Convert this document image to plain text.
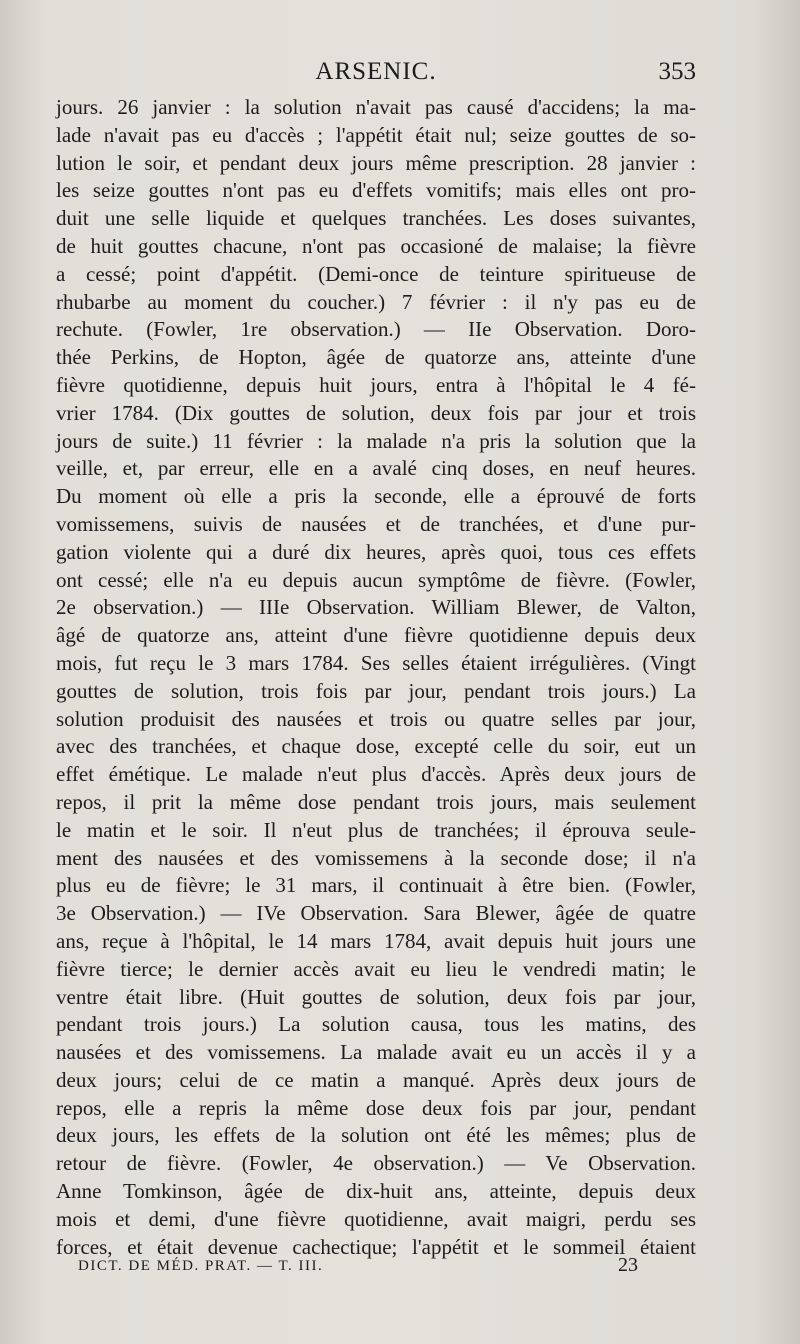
ARSENIC.	353
jours. 26 janvier : la solution n'avait pas causé d'accidens; la ma-
lade n'avait pas eu d'accès ; l'appétit était nul; seize gouttes de so-
lution le soir, et pendant deux jours même prescription. 28 janvier :
les seize gouttes n'ont pas eu d'effets vomitifs; mais elles ont pro-
duit une selle liquide et quelques tranchées. Les doses suivantes,
de huit gouttes chacune, n'ont pas occasioné de malaise; la fièvre
a cessé; point d'appétit. (Demi-once de teinture spiritueuse de
rhubarbe au moment du coucher.) 7 février : il n'y pas eu de
rechute. (Fowler, 1re observation.) — IIe Observation. Doro-
thée Perkins, de Hopton, âgée de quatorze ans, atteinte d'une
fièvre quotidienne, depuis huit jours, entra à l'hôpital le 4 fé-
vrier 1784. (Dix gouttes de solution, deux fois par jour et trois
jours de suite.) 11 février : la malade n'a pris la solution que la
veille, et, par erreur, elle en a avalé cinq doses, en neuf heures.
Du moment où elle a pris la seconde, elle a éprouvé de forts
vomissemens, suivis de nausées et de tranchées, et d'une pur-
gation violente qui a duré dix heures, après quoi, tous ces effets
ont cessé; elle n'a eu depuis aucun symptôme de fièvre. (Fowler,
2e observation.) — IIIe Observation. William Blewer, de Valton,
âgé de quatorze ans, atteint d'une fièvre quotidienne depuis deux
mois, fut reçu le 3 mars 1784. Ses selles étaient irrégulières. (Vingt
gouttes de solution, trois fois par jour, pendant trois jours.) La
solution produisit des nausées et trois ou quatre selles par jour,
avec des tranchées, et chaque dose, excepté celle du soir, eut un
effet émétique. Le malade n'eut plus d'accès. Après deux jours de
repos, il prit la même dose pendant trois jours, mais seulement
le matin et le soir. Il n'eut plus de tranchées; il éprouva seule-
ment des nausées et des vomissemens à la seconde dose; il n'a
plus eu de fièvre; le 31 mars, il continuait à être bien. (Fowler,
3e Observation.) — IVe Observation. Sara Blewer, âgée de quatre
ans, reçue à l'hôpital, le 14 mars 1784, avait depuis huit jours une
fièvre tierce; le dernier accès avait eu lieu le vendredi matin; le
ventre était libre. (Huit gouttes de solution, deux fois par jour,
pendant trois jours.) La solution causa, tous les matins, des
nausées et des vomissemens. La malade avait eu un accès il y a
deux jours; celui de ce matin a manqué. Après deux jours de
repos, elle a repris la même dose deux fois par jour, pendant
deux jours, les effets de la solution ont été les mêmes; plus de
retour de fièvre. (Fowler, 4e observation.) — Ve Observation.
Anne Tomkinson, âgée de dix-huit ans, atteinte, depuis deux
mois et demi, d'une fièvre quotidienne, avait maigri, perdu ses
forces, et était devenue cachectique; l'appétit et le sommeil étaient
DICT. DE MÉD. PRAT. — T. III.	23
